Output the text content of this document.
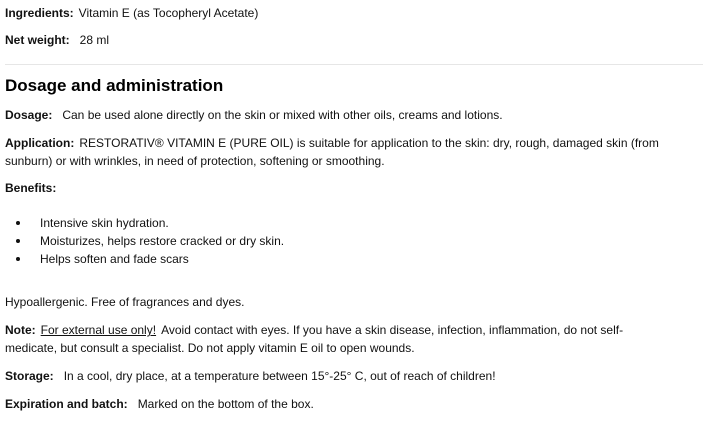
Ingredients: Vitamin E (as Tocopheryl Acetate)
Net weight: 28 ml
Dosage and administration
Dosage: Can be used alone directly on the skin or mixed with other oils, creams and lotions.
Application: RESTORATIV® VITAMIN E (PURE OIL) is suitable for application to the skin: dry, rough, damaged skin (from
sunburn) or with wrinkles, in need of protection, softening or smoothing.
Benefits:
Intensive skin hydration.
Moisturizes, helps restore cracked or dry skin.
Helps soften and fade scars
Hypoallergenic. Free of fragrances and dyes.
Note: For external use only! Avoid contact with eyes. If you have a skin disease, infection, inflammation, do not self-
medicate, but consult a specialist. Do not apply vitamin E oil to open wounds.
Storage: In a cool, dry place, at a temperature between 15°-25° C, out of reach of children!
Expiration and batch: Marked on the bottom of the box.
